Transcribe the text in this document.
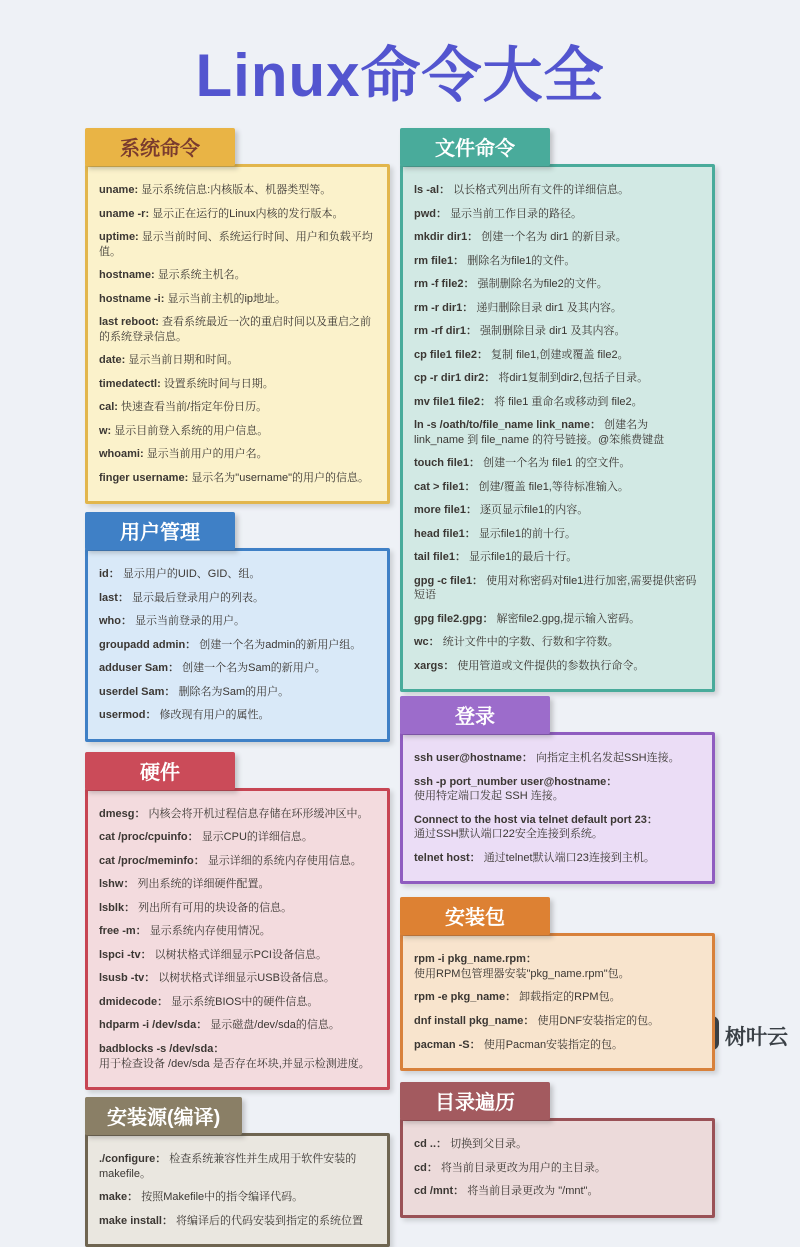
Linux命令大全
系统命令
uname: 显示系统信息:内核版本、机器类型等。
uname -r: 显示正在运行的Linux内核的发行版本。
uptime: 显示当前时间、系统运行时间、用户和负载平均值。
hostname: 显示系统主机名。
hostname -i: 显示当前主机的ip地址。
last reboot: 查看系统最近一次的重启时间以及重启之前的系统登录信息。
date: 显示当前日期和时间。
timedatectl: 设置系统时间与日期。
cal: 快速查看当前/指定年份日历。
w: 显示目前登入系统的用户信息。
whoami: 显示当前用户的用户名。
finger username: 显示名为"username"的用户的信息。
用户管理
id： 显示用户的UID、GID、组。
last： 显示最后登录用户的列表。
who： 显示当前登录的用户。
groupadd admin： 创建一个名为admin的新用户组。
adduser Sam： 创建一个名为Sam的新用户。
userdel Sam： 删除名为Sam的用户。
usermod： 修改现有用户的属性。
硬件
dmesg： 内核会将开机过程信息存储在环形缓冲区中。
cat /proc/cpuinfo： 显示CPU的详细信息。
cat /proc/meminfo： 显示详细的系统内存使用信息。
lshw： 列出系统的详细硬件配置。
lsblk： 列出所有可用的块设备的信息。
free -m： 显示系统内存使用情况。
lspci -tv： 以树状格式详细显示PCI设备信息。
lsusb -tv： 以树状格式详细显示USB设备信息。
dmidecode： 显示系统BIOS中的硬件信息。
hdparm -i /dev/sda： 显示磁盘/dev/sda的信息。
badblocks -s /dev/sda：
用于检查设备 /dev/sda 是否存在坏块,并显示检测进度。
安装源(编译)
./configure： 检查系统兼容性并生成用于软件安装的makefile。
make： 按照Makefile中的指令编译代码。
make install： 将编译后的代码安装到指定的系统位置
文件命令
ls -al： 以长格式列出所有文件的详细信息。
pwd： 显示当前工作目录的路径。
mkdir dir1： 创建一个名为 dir1 的新目录。
rm file1： 删除名为file1的文件。
rm -f file2： 强制删除名为file2的文件。
rm -r dir1： 递归删除目录 dir1 及其内容。
rm -rf dir1： 强制删除目录 dir1 及其内容。
cp file1 file2： 复制 file1,创建或覆盖 file2。
cp -r dir1 dir2： 将dir1复制到dir2,包括子目录。
mv file1 file2： 将 file1 重命名或移动到 file2。
ln -s /oath/to/file_name link_name： 创建名为 link_name 到 file_name 的符号链接。@笨熊费键盘
touch file1： 创建一个名为 file1 的空文件。
cat > file1： 创建/覆盖 file1,等待标准输入。
more file1： 逐页显示file1的内容。
head file1： 显示file1的前十行。
tail file1： 显示file1的最后十行。
gpg -c file1： 使用对称密码对file1进行加密,需要提供密码短语
gpg file2.gpg： 解密file2.gpg,提示输入密码。
wc： 统计文件中的字数、行数和字符数。
xargs： 使用管道或文件提供的参数执行命令。
登录
ssh user@hostname： 向指定主机名发起SSH连接。
ssh -p port_number user@hostname：
使用特定端口发起 SSH 连接。
Connect to the host via telnet default port 23：
通过SSH默认端口22安全连接到系统。
telnet host： 通过telnet默认端口23连接到主机。
安装包
rpm -i pkg_name.rpm：
使用RPM包管理器安装"pkg_name.rpm"包。
rpm -e pkg_name： 卸载指定的RPM包。
dnf install pkg_name： 使用DNF安装指定的包。
pacman -S： 使用Pacman安装指定的包。
目录遍历
cd ..： 切换到父目录。
cd： 将当前目录更改为用户的主目录。
cd /mnt： 将当前目录更改为 "/mnt"。
树叶云
